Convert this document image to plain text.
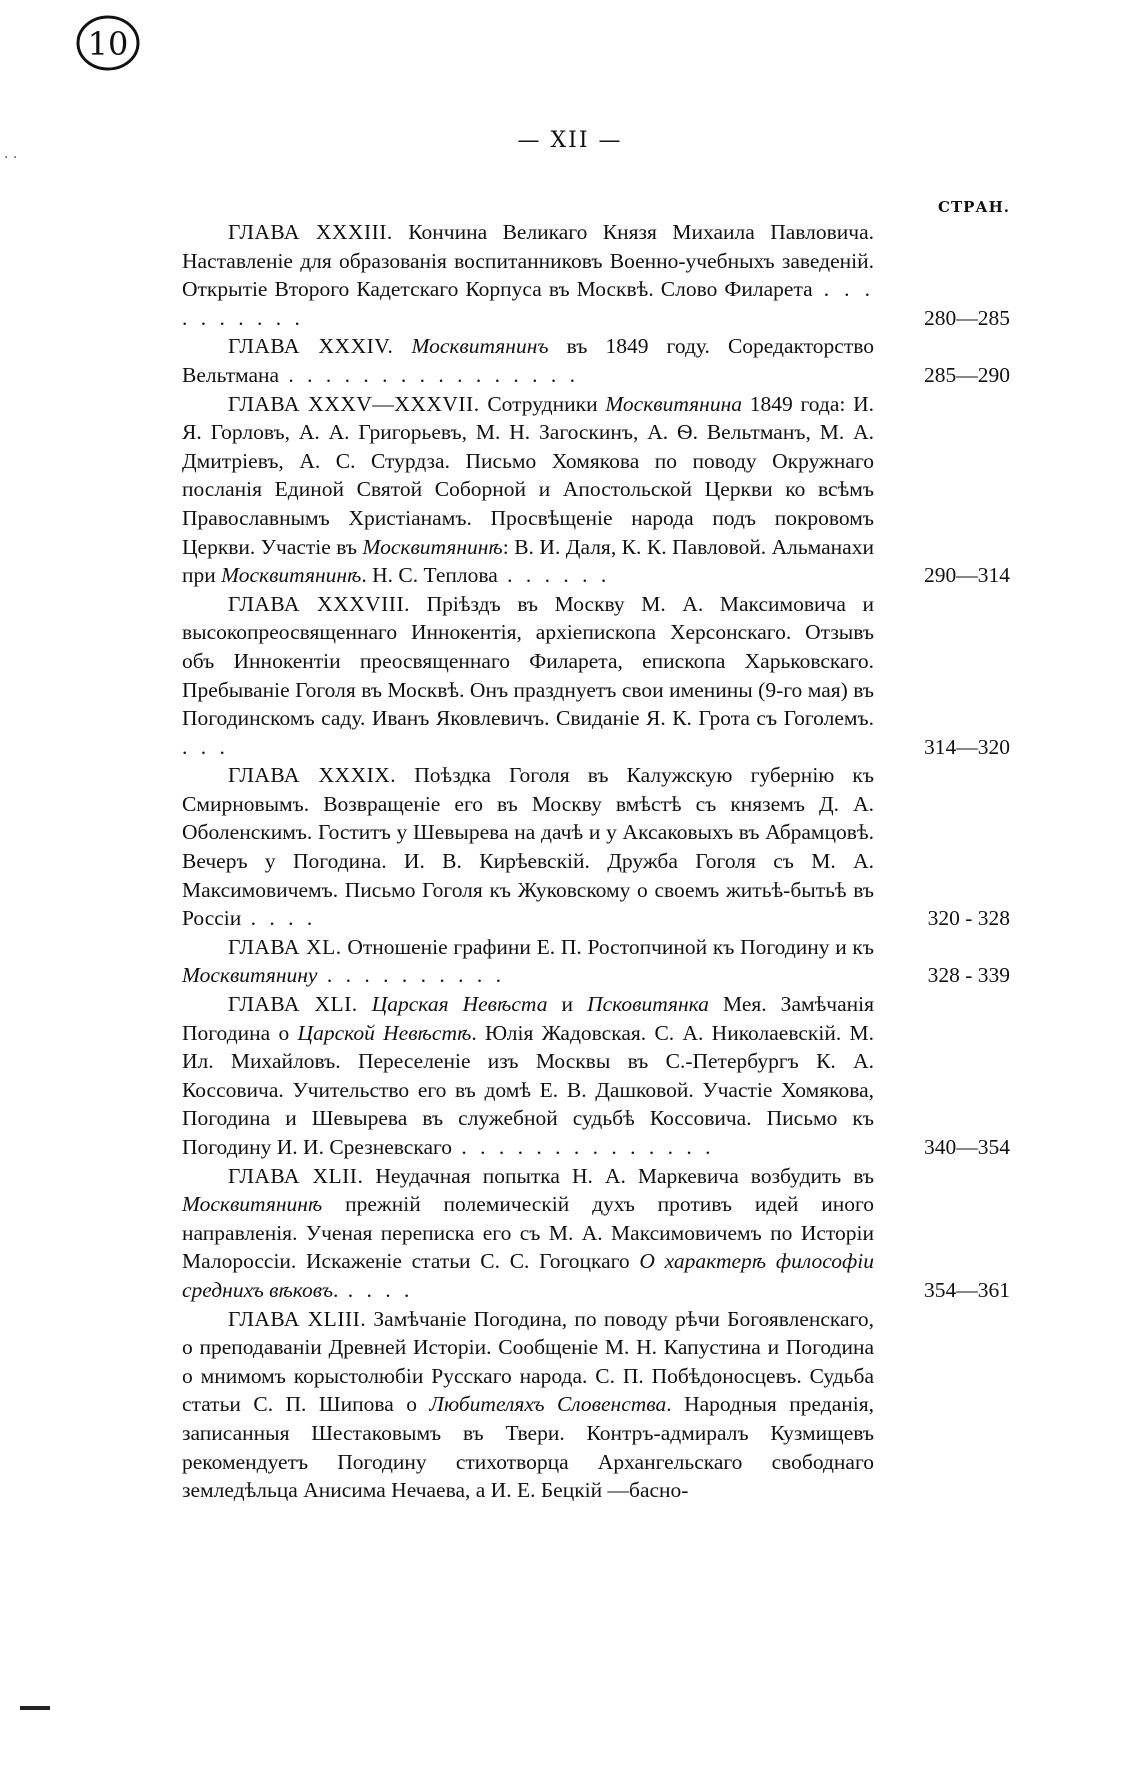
10
· ·
— XII —
СТРАН.
ГЛАВА XXXIII. Кончина Великаго Князя Михаила Павловича. Наставленіе для образованія воспитанниковъ Военно-учебныхъ заведеній. Открытіе Второго Кадетскаго Корпуса въ Москвѣ. Слово Филарета . . . . . . . . . .	280—285
ГЛАВА XXXIV. Москвитянинъ въ 1849 году. Соредакторство Вельтмана . . . . . . . . . . . . . . . .	285—290
ГЛАВА XXXV—XXXVII. Сотрудники Москвитянина 1849 года: И. Я. Горловъ, А. А. Григорьевъ, М. Н. Загоскинъ, А. Ѳ. Вельтманъ, М. А. Дмитріевъ, А. С. Стурдза. Письмо Хомякова по поводу Окружнаго посланія Единой Святой Соборной и Апостольской Церкви ко всѣмъ Православнымъ Христіанамъ. Просвѣщеніе народа подъ покровомъ Церкви. Участіе въ Москвитянинѣ: В. И. Даля, К. К. Павловой. Альманахи при Москвитянинѣ. Н. С. Теплова . . . . . .	290—314
ГЛАВА XXXVIII. Пріѣздъ въ Москву М. А. Максимовича и высокопреосвященнаго Иннокентія, архіепископа Херсонскаго. Отзывъ объ Иннокентіи преосвященнаго Филарета, епископа Харьковскаго. Пребываніе Гоголя въ Москвѣ. Онъ празднуетъ свои именины (9-го мая) въ Погодинскомъ саду. Иванъ Яковлевичъ. Свиданіе Я. К. Грота съ Гоголемъ. . . .	314—320
ГЛАВА XXXIX. Поѣздка Гоголя въ Калужскую губернію къ Смирновымъ. Возвращеніе его въ Москву вмѣстѣ съ княземъ Д. А. Оболенскимъ. Гоститъ у Шевырева на дачѣ и у Аксаковыхъ въ Абрамцовѣ. Вечеръ у Погодина. И. В. Кирѣевскій. Дружба Гоголя съ М. А. Максимовичемъ. Письмо Гоголя къ Жуковскому о своемъ житьѣ-бытьѣ въ Россіи . . . .	320 - 328
ГЛАВА XL. Отношеніе графини Е. П. Ростопчиной къ Погодину и къ Москвитянину . . . . . . . . . .	328 - 339
ГЛАВА XLI. Царская Невѣста и Псковитянка Мея. Замѣчанія Погодина о Царской Невѣстѣ. Юлія Жадовская. С. А. Николаевскій. М. Ил. Михайловъ. Переселеніе изъ Москвы въ С.-Петербургъ К. А. Коссовича. Учительство его въ домѣ Е. В. Дашковой. Участіе Хомякова, Погодина и Шевырева въ служебной судьбѣ Коссовича. Письмо къ Погодину И. И. Срезневскаго . . . . . . . . . . . . . .	340—354
ГЛАВА XLII. Неудачная попытка Н. А. Маркевича возбудить въ Москвитянинѣ прежній полемическій духъ противъ идей иного направленія. Ученая переписка его съ М. А. Максимовичемъ по Исторіи Малороссіи. Искаженіе статьи С. С. Гогоцкаго О характерѣ философіи среднихъ вѣковъ. . . . .	354—361
ГЛАВА XLIII. Замѣчаніе Погодина, по поводу рѣчи Богоявленскаго, о преподаваніи Древней Исторіи. Сообщеніе М. Н. Капустина и Погодина о мнимомъ корыстолюбіи Русскаго народа. С. П. Побѣдоносцевъ. Судьба статьи С. П. Шипова о Любителяхъ Словенства. Народныя преданія, записанныя Шестаковымъ въ Твери. Контръ-адмиралъ Кузмищевъ рекомендуетъ Погодину стихотворца Архангельскаго свободнаго земледѣльца Анисима Нечаева, а И. Е. Бецкій —басно-
